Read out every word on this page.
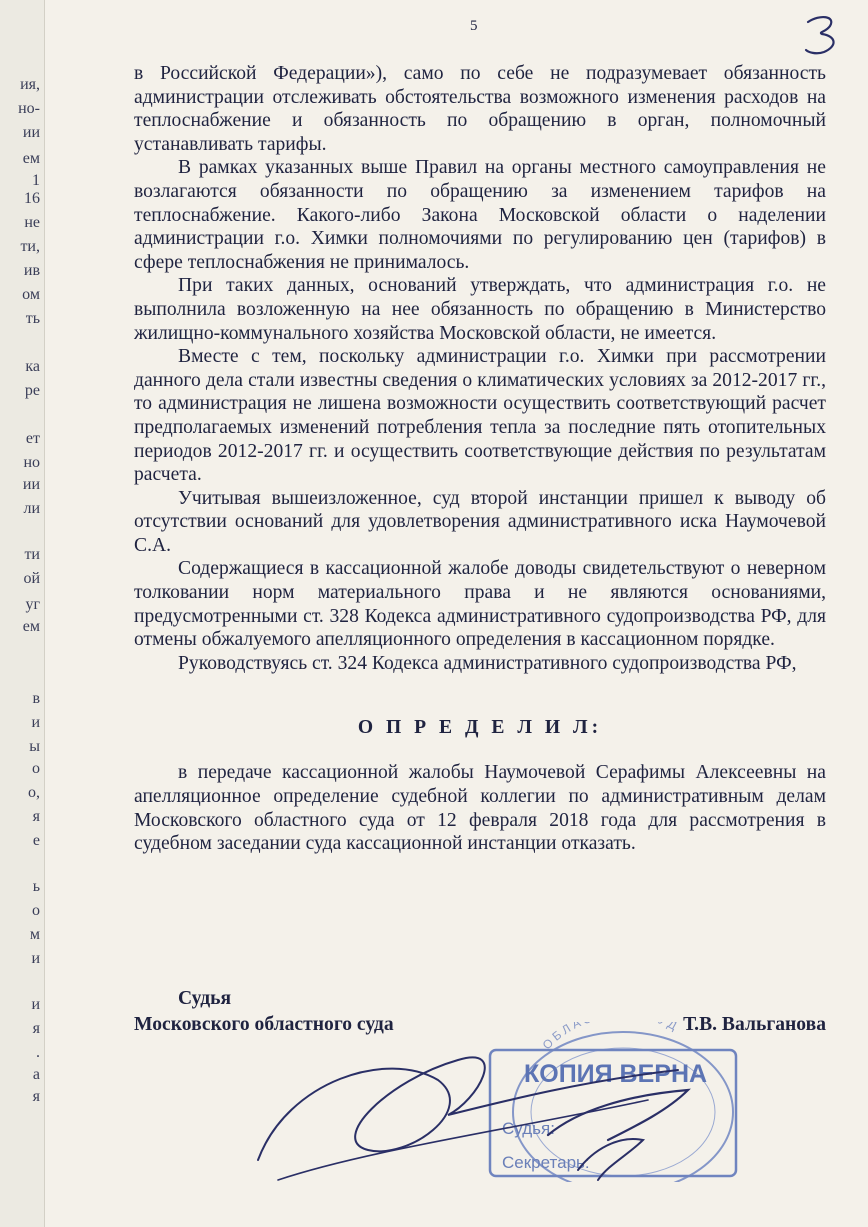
ия,
но-
ии
ем
1
16
не
ти,
ив
ом
ть
ка
ре
ет
но
ии
ли
ти
ой
уг
ем
в
и
ы
о
о,
я
е
ь
о
м
и
и
я
.
а
я
5

в Российской Федерации»), само по себе не подразумевает обязанность администрации отслеживать обстоятельства возможного изменения расходов на теплоснабжение и обязанность по обращению в орган, полномочный устанавливать тарифы.

В рамках указанных выше Правил на органы местного самоуправления не возлагаются обязанности по обращению за изменением тарифов на теплоснабжение. Какого-либо Закона Московской области о наделении администрации г.о. Химки полномочиями по регулированию цен (тарифов) в сфере теплоснабжения не принималось.

При таких данных, оснований утверждать, что администрация г.о. не выполнила возложенную на нее обязанность по обращению в Министерство жилищно-коммунального хозяйства Московской области, не имеется.

Вместе с тем, поскольку администрации г.о. Химки при рассмотрении данного дела стали известны сведения о климатических условиях за 2012-2017 гг., то администрация не лишена возможности осуществить соответствующий расчет предполагаемых изменений потребления тепла за последние пять отопительных периодов 2012-2017 гг. и осуществить соответствующие действия по результатам расчета.

Учитывая вышеизложенное, суд второй инстанции пришел к выводу об отсутствии оснований для удовлетворения административного иска Наумочевой С.А.

Содержащиеся в кассационной жалобе доводы свидетельствуют о неверном толковании норм материального права и не являются основаниями, предусмотренными ст. 328 Кодекса административного судопроизводства РФ, для отмены обжалуемого апелляционного определения в кассационном порядке.

Руководствуясь ст. 324 Кодекса административного судопроизводства РФ,

О П Р Е Д Е Л И Л:

в передаче кассационной жалобы Наумочевой Серафимы Алексеевны на апелляционное определение судебной коллегии по административным делам Московского областного суда от 12 февраля 2018 года для рассмотрения в судебном заседании суда кассационной инстанции отказать.

Судья
Московского областного суда	Т.В. Вальганова
ОБЛА Д
КОПИЯ ВЕРНА
Судья:
Секретарь:
